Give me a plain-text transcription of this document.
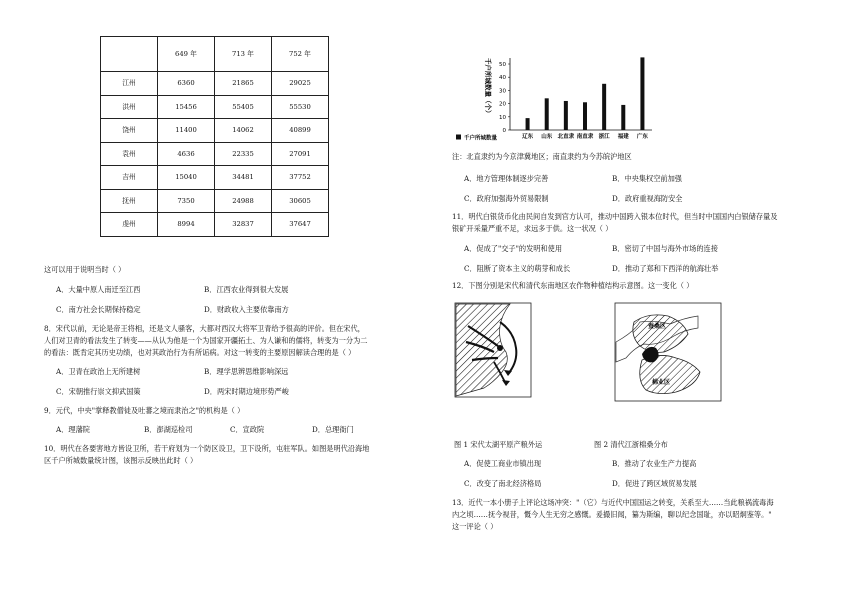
	649 年	713 年	752 年
江州	6360	21865	29025
洪州	15456	55405	55530
饶州	11400	14062	40899
袁州	4636	22335	27091
吉州	15040	34481	37752
抚州	7350	24988	30605
虔州	8994	32837	37647
这可以用于说明当时（ ）
A．大量中原人南迁至江西	B．江西农业得到很大发展
C．南方社会长期保持稳定	D．财政收入主要依靠南方
8．宋代以前，无论是帝王将相，还是文人骚客，大都对西汉大将军卫青给予很高的评价。但在宋代，
人们对卫青的看法发生了转变——从认为他是一个为国家开疆拓土、为人谦和的儒将，转变为一分为二
的看法：既肯定其历史功绩，也对其政治行为有所诟病。对这一转变的主要原因解读合理的是（ ）
A．卫青在政治上无所建树	B．理学思辨思维影响深远
C．宋朝推行崇文抑武国策	D．两宋时期边境形势严峻
9．元代，中央"掌释教僧徒及吐蕃之境而隶治之"的机构是（ ）
A．理藩院	B．澎湖巡检司	C．宣政院	D．总理衙门
10．明代在各要害地方皆设卫所，若干府划为一个防区设卫，卫下设所，屯驻军队。如图是明代沿海地
区千户所城数量统计图，该图示反映出此时（ ）
千户所城数量（个）
0
10
20
30
40
50
辽东 山东 北直隶 南直隶 浙江 福建 广东
千户所城数量
注：北直隶约为今京津冀地区；南直隶约为今苏皖沪地区
A．地方管理体制逐步完善	B．中央集权空前加强
C．政府加强海外贸易限制	D．政府重视海防安全
11．明代白银货币化由民间自发到官方认可，推动中国跨入银本位时代，但当时中国国内白银储存量及
银矿开采量严重不足，求远多于供。这一状况（ ）
A．促成了"交子"的发明和使用	B．密切了中国与海外市场的连接
C．阻断了资本主义的萌芽和成长	D．推动了郑和下西洋的航海壮举
12．下图分别是宋代和清代东南地区农作物种植结构示意图。这一变化（ ）
蚕桑区
棉业区
图 1 宋代太湖平原产粮外运	图 2 清代江浙棉桑分布
A．促使工商业市镇出现	B．推动了农业生产力提高
C．改变了南北经济格局	D．促进了跨区域贸易发展
13．近代一本小册子上评论这场冲突："（它）与近代中国国运之转变，关系至大……当此粮祸流毒海
内之顷……抚今视昔，慨今人生无穷之感慨。爰撮旧闻，纂为斯编，聊以纪念国耻，亦以昭炯鉴等。"
这一评论（ ）
